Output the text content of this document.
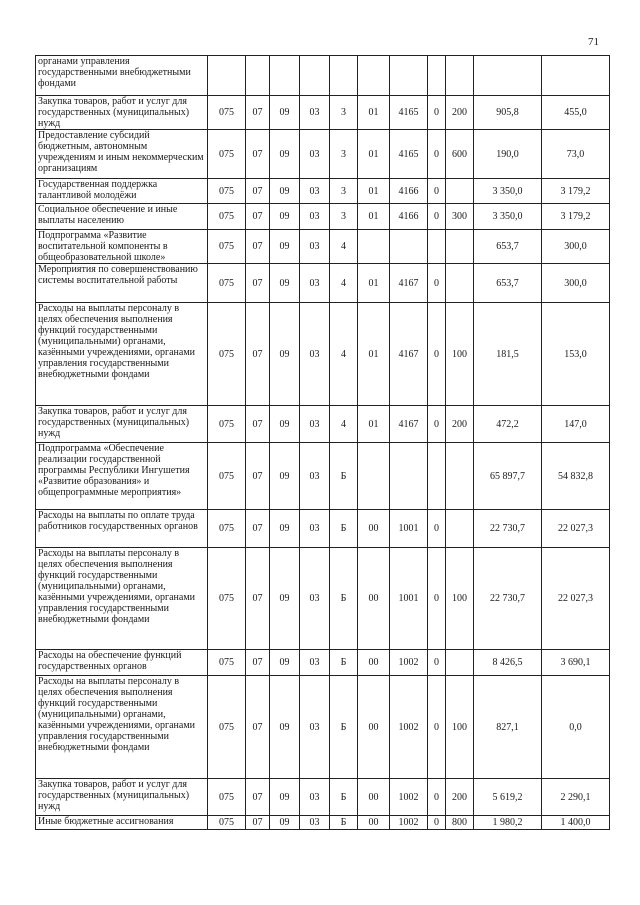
71
органами управления государственными внебюджетными фондами											
Закупка товаров, работ и услуг для государственных (муниципальных) нужд	075	07	09	03	3	01	4165	0	200	905,8	455,0
Предоставление субсидий бюджетным, автономным учреждениям и иным некоммерческим организациям	075	07	09	03	3	01	4165	0	600	190,0	73,0
Государственная поддержка талантливой молодёжи	075	07	09	03	3	01	4166	0		3 350,0	3 179,2
Социальное обеспечение и иные выплаты населению	075	07	09	03	3	01	4166	0	300	3 350,0	3 179,2
Подпрограмма «Развитие воспитательной компоненты в общеобразовательной школе»	075	07	09	03	4					653,7	300,0
Мероприятия по совершенствованию системы воспитательной работы	075	07	09	03	4	01	4167	0		653,7	300,0
Расходы на выплаты персоналу в целях обеспечения выполнения функций государственными (муниципальными) органами, казёнными учреждениями, органами управления государственными внебюджетными фондами	075	07	09	03	4	01	4167	0	100	181,5	153,0
Закупка товаров, работ и услуг для государственных (муниципальных) нужд	075	07	09	03	4	01	4167	0	200	472,2	147,0
Подпрограмма «Обеспечение реализации государственной программы Республики Ингушетия «Развитие образования» и общепрограммные мероприятия»	075	07	09	03	Б					65 897,7	54 832,8
Расходы на выплаты по оплате труда работников государственных органов	075	07	09	03	Б	00	1001	0		22 730,7	22 027,3
Расходы на выплаты персоналу в целях обеспечения выполнения функций государственными (муниципальными) органами, казёнными учреждениями, органами управления государственными внебюджетными фондами	075	07	09	03	Б	00	1001	0	100	22 730,7	22 027,3
Расходы на обеспечение функций государственных органов	075	07	09	03	Б	00	1002	0		8 426,5	3 690,1
Расходы на выплаты персоналу в целях обеспечения выполнения функций государственными (муниципальными) органами, казёнными учреждениями, органами управления государственными внебюджетными фондами	075	07	09	03	Б	00	1002	0	100	827,1	0,0
Закупка товаров, работ и услуг для государственных (муниципальных) нужд	075	07	09	03	Б	00	1002	0	200	5 619,2	2 290,1
Иные бюджетные ассигнования	075	07	09	03	Б	00	1002	0	800	1 980,2	1 400,0
